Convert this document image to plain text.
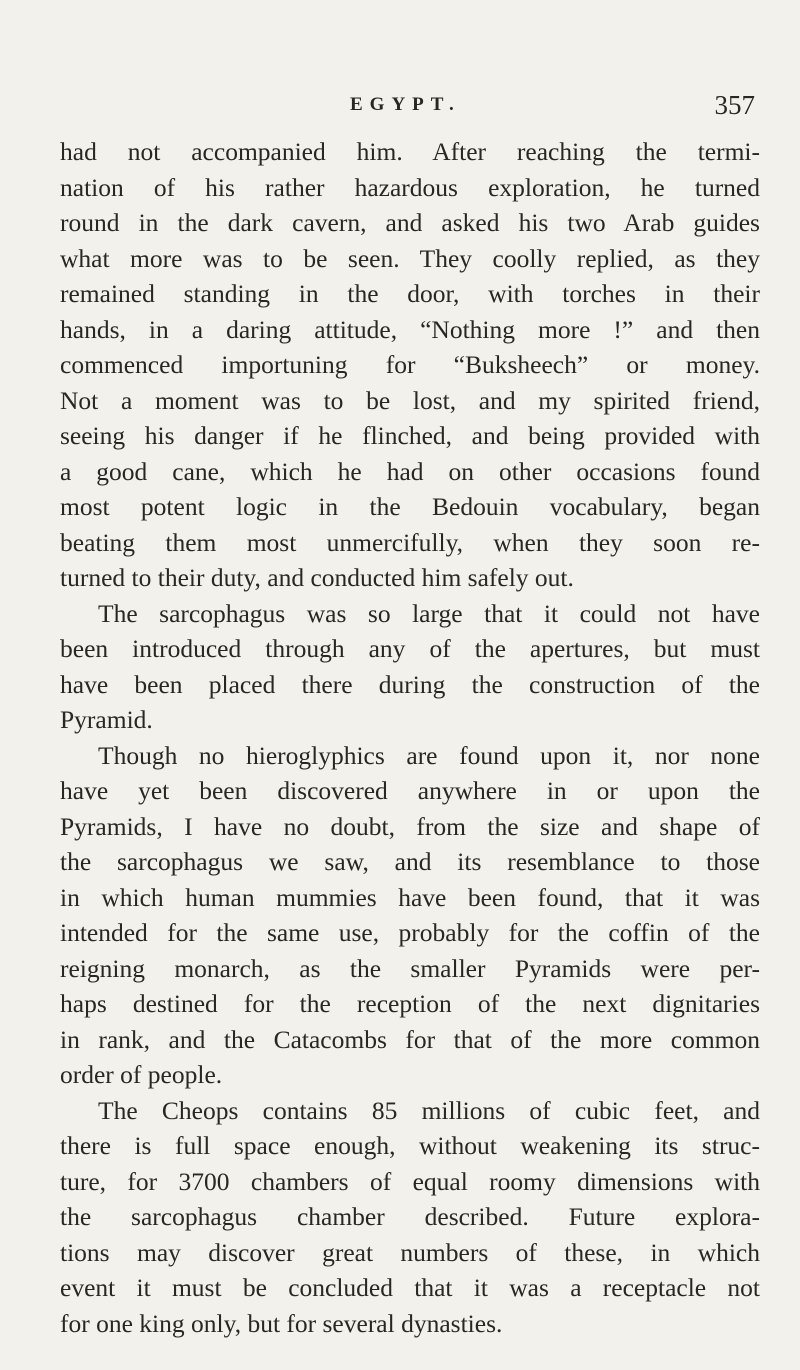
EGYPT.	357
had not accompanied him. After reaching the termi-
nation of his rather hazardous exploration, he turned
round in the dark cavern, and asked his two Arab guides
what more was to be seen. They coolly replied, as they
remained standing in the door, with torches in their
hands, in a daring attitude, “Nothing more !” and then
commenced importuning for “Buksheech” or money.
Not a moment was to be lost, and my spirited friend,
seeing his danger if he flinched, and being provided with
a good cane, which he had on other occasions found
most potent logic in the Bedouin vocabulary, began
beating them most unmercifully, when they soon re-
turned to their duty, and conducted him safely out.
The sarcophagus was so large that it could not have
been introduced through any of the apertures, but must
have been placed there during the construction of the
Pyramid.
Though no hieroglyphics are found upon it, nor none
have yet been discovered anywhere in or upon the
Pyramids, I have no doubt, from the size and shape of
the sarcophagus we saw, and its resemblance to those
in which human mummies have been found, that it was
intended for the same use, probably for the coffin of the
reigning monarch, as the smaller Pyramids were per-
haps destined for the reception of the next dignitaries
in rank, and the Catacombs for that of the more common
order of people.
The Cheops contains 85 millions of cubic feet, and
there is full space enough, without weakening its struc-
ture, for 3700 chambers of equal roomy dimensions with
the sarcophagus chamber described. Future explora-
tions may discover great numbers of these, in which
event it must be concluded that it was a receptacle not
for one king only, but for several dynasties.
